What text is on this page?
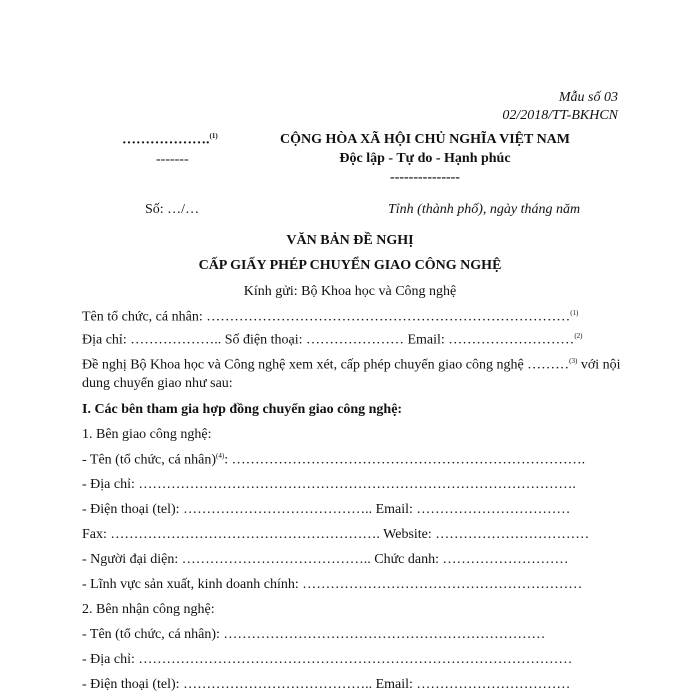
Mẫu số 03
02/2018/TT-BKHCN
……………….$^{(1)}$
-------
CỘNG HÒA XÃ HỘI CHỦ NGHĨA VIỆT NAM
Độc lập - Tự do - Hạnh phúc
---------------
Số: …/…	Tỉnh (thành phố), ngày tháng năm
VĂN BẢN ĐỀ NGHỊ
CẤP GIẤY PHÉP CHUYỂN GIAO CÔNG NGHỆ
Kính gửi: Bộ Khoa học và Công nghệ
Tên tổ chức, cá nhân: ……………………………………………………………………$^{(1)}$
Địa chỉ: ……………….. Số điện thoại: ………………… Email: ………………………$^{(2)}$
Đề nghị Bộ Khoa học và Công nghệ xem xét, cấp phép chuyển giao công nghệ ………$^{(3)}$ với nội
dung chuyển giao như sau:
I. Các bên tham gia hợp đồng chuyển giao công nghệ:
1. Bên giao công nghệ:
- Tên (tổ chức, cá nhân)$^{(4)}$: ………………………………………………………………….
- Địa chỉ: ………………………………………………………………………………….
- Điện thoại (tel): ………………………………….. Email: ……………………………
Fax: …………………………………………………. Website: ……………………………
- Người đại diện: ………………………………….. Chức danh: ………………………
- Lĩnh vực sản xuất, kinh doanh chính: ……………………………………………………
2. Bên nhận công nghệ:
- Tên (tổ chức, cá nhân): ……………………………………………………………
- Địa chỉ: …………………………………………………………………………………
- Điện thoại (tel): ………………………………….. Email: ……………………………
